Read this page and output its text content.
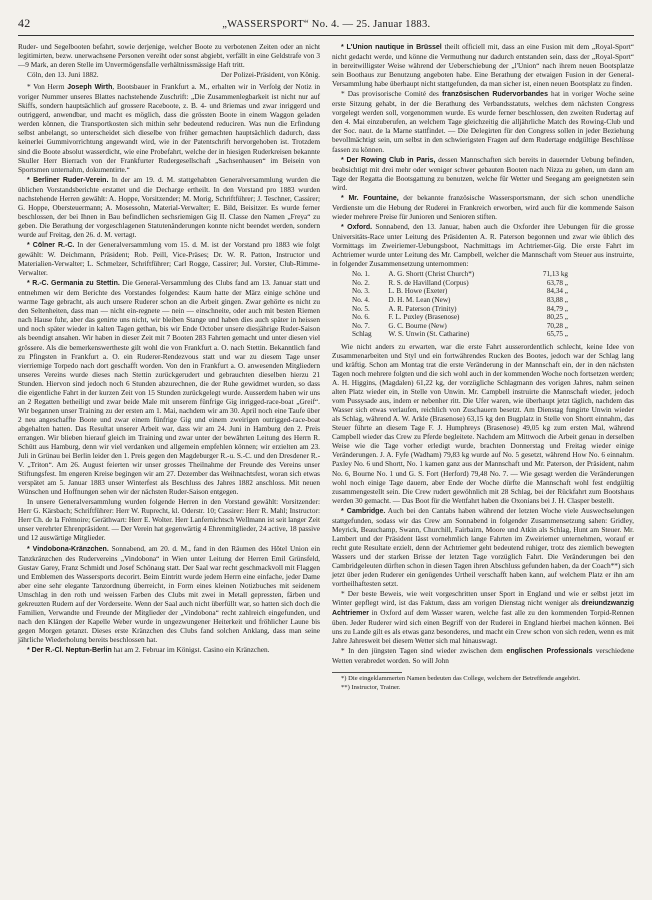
42	„WASSERSPORT“ No. 4. — 25. Januar 1883.

Ruder- und Segelbooten befahrt, sowie derjenige, welcher Boote zu verbotenen Zeiten oder an nicht legitimirten, bezw. unerwachsene Personen vereiht oder sonst abgiebt, verfällt in eine Geldstrafe von 3—9 Mark, an deren Stelle im Unvermögensfalle verhältnissmässige Haft tritt.

Cöln, den 13. Juni 1882.	Der Polizei-Präsident, von König.

* Von Herrn Joseph Wirth, Bootsbauer in Frankfurt a. M., erhalten wir in Verfolg der Notiz in voriger Nummer unseres Blattes nachstehende Zuschrift: „Die Zusammenlegbarkeit ist nicht nur auf Skiffs, sondern hauptsächlich auf grossere Raceboote, z. B. 4- und 8riemas und zwar inriggerd und outriggerd, anwendbar, und macht es möglich, dass die grössten Boote in einem Waggon geladen werden können, die Transportkosten sich mithin sehr bedeutend reduciren. Was nun die Erfindung selbst anbelangt, so unterscheidet sich dieselbe von früher gemachten hauptsächlich dadurch, dass keinerlei Gummivorrichtung angewandt wird, wie in der Patentschrift hervorgehoben ist. Trotzdem sind die Boote absolut wasserdicht, wie eine Probefahrt, welche der in hiesigen Ruderkreisen bekannte Skuller Herr Bierrach von der Frankfurter Rudergesellschaft „Sachsenhausen“ im Beisein von Sportsmen unternahm, dokumentirte.“

* Berliner Ruder-Verein. In der am 19. d. M. stattgehabten Generalversammlung wurden die üblichen Vorstandsberichte erstattet und die Decharge ertheilt. In den Vorstand pro 1883 wurden nachstehende Herren gewählt: A. Hoppe, Vorsitzender; M. Morig, Schriftführer; J. Teschner, Cassirer; G. Hoppe, Obersteuermann; A. Mosessohn, Material-Verwalter; E. Bild, Beisitzer. Es wurde ferner beschlossen, der bei Ihnen in Bau befindlichen sechsriemigen Gig II. Classe den Namen „Freya“ zu geben. Die Berathung der vorgeschlagenen Statutenänderungen konnte nicht beendet werden, sondern wurde auf Freitag, den 26. d. M. vertagt.

* Cölner R.-C. In der Generalversammlung vom 15. d. M. ist der Vorstand pro 1883 wie folgt gewählt: W. Deichmann, Präsident; Rob. Peill, Vice-Präses; Dr. W. R. Patton, Instructor und Materialien-Verwalter; L. Schmelzer, Schriftführer; Carl Rogge, Cassirer; Jul. Vorster, Club-Rimme-Verwalter.

* R.-C. Germania zu Stettin. Die General-Versammlung des Clubs fand am 13. Januar statt und entnehmen wir dem Berichte des Vorstandes folgendes: Kaum hatte der März einige schöne und warme Tage gebracht, als auch unsere Ruderer schon an die Arbeit gingen. Zwar gehörte es nicht zu den Seltenheiten, dass man — nicht ein-regnete — nein — einschneite, oder auch mit besten Riemen nach Hause fuhr, aber das genirte uns nicht, wir bleiben Stange und haben dies auch später in heissen und noch später wieder in kalten Tagen gethan, bis wir Ende October unsere diesjährige Ruder-Saison als beendigt ansahen. Wir haben in dieser Zeit mit 7 Booten 283 Fahrten gemacht und unter diesen viel grössere. Als die bemerkenswertheste gilt wohl die von Frankfurt a. O. nach Stettin. Bekanntlich fand zu Pfingsten in Frankfurt a. O. ein Ruderer-Rendezvous statt und war zu diesem Tage unser vierriemige Torpedo nach dort geschafft worden. Von den in Frankfurt a. O. anwesenden Mitgliedern unseres Vereins wurde dieses nach Stettin zurückgerudert und gebrauchten dieselben hierzu 21 Stunden. Hiervon sind jedoch noch 6 Stunden abzurechnen, die der Ruhe gewidmet wurden, so dass die eigentliche Fahrt in der kurzen Zeit von 15 Stunden zurückgelegt wurde. Ausserdem haben wir uns an 2 Regatten betheiligt und zwar beide Male mit unserem fünfrige Gig inrigged-race-boat „Greif“. Wir begannen unser Training zu der ersten am 1. Mai, nachdem wir am 30. April noch eine Taufe über 2 neu angeschaffte Boote und zwar einem fünfrige Gig und einem zweirigen outrigged-race-boat abgehalten hatten. Das Resultat unserer Arbeit war, dass wir am 24. Juni in Hamburg den 2. Preis errangen. Wir blieben hierauf gleich im Training und zwar unter der bewährten Leitung des Herrn R. Schütt aus Hamburg, denn wir viel verdanken und allgemein empfehlen können; wir erzielten am 23. Juli in Grünau bei Berlin leider den 1. Preis gegen den Magdeburger R.-u. S.-C. und den Dresdener R.-V. „Triton“. Am 26. August feierten wir unser grosses Theilnahme der Freunde des Vereins unser Stiftungsfest. Im engeren Kreise begingen wir am 27. Dezember das Weihnachtsfest, woran sich etwas verspätet am 5. Januar 1883 unser Winterfest als Beschluss des Jahres 1882 anschloss. Mit neuen Wünschen und Hoffnungen sehen wir der nächsten Ruder-Saison entgegen.

In unsere Generalversammlung wurden folgende Herren in den Vorstand gewählt: Vorsitzender: Herr G. Kärsbach; Schriftführer: Herr W. Ruprecht, kl. Oderstr. 10; Cassirer: Herr R. Mahl; Instructor: Herr Ch. de la Frémoire; Geräthwart: Herr E. Wolter. Herr Lanfernichtsch Wellmann ist seit langer Zeit unser verehrter Ehrenpräsident. — Der Verein hat gegenwärtig 4 Ehrenmitglieder, 24 active, 18 passive und 12 auswärtige Mitglieder.

* Vindobona-Kränzchen. Sonnabend, am 20. d. M., fand in den Räumen des Hôtel Union ein Tanzkränzchen des Rudervereins „Vindobona“ in Wien unter Leitung der Herren Emil Grünsfeld, Gustav Garey, Franz Schmidt und Josef Schönaug statt. Der Saal war recht geschmackvoll mit Flaggen und Emblemen des Wassersports decorirt. Beim Eintritt wurde jedem Herrn eine einfache, jeder Dame aber eine sehr elegante Tanzordnung überreicht, in Form eines kleinen Notizbuches mit seidenem Umschlag in den roth und weissen Farben des Clubs mit zwei in Metall gepressten, färben und gekreuzten Rudern auf der Vorderseite. Wenn der Saal auch nicht überfüllt war, so hatten sich doch die Familien, Verwandte und Freunde der Mitglieder der „Vindobona“ recht zahlreich eingefunden, und nach den Klängen der Kapelle Weber wurde in ungezwungener Heiterkeit und fröhlicher Laune bis gegen Morgen getanzt. Dieses erste Kränzchen des Clubs fand solchen Anklang, dass man seine jährliche Wiederholung bereits beschlossen hat.

* Der R.-Cl. Neptun-Berlin hat am 2. Februar im Königst. Casino ein Kränzchen.

* L'Union nautique in Brüssel theilt officiell mit, dass an eine Fusion mit dem „Royal-Sport“ nicht gedacht werde, und könne die Vermuthung nur dadurch entstanden sein, dass der „Royal-Sport“ in bereitwilligster Weise während der Ueberschiebung der „l'Union“ nach ihrem neuen Bootsplatze sein Boothaus zur Benutzung angeboten habe. Eine Berathung der etwaigen Fusion in der General-Versammlung habe überhaupt nicht stattgefunden, da man sicher ist, einen neuen Bootsplatz zu finden.

* Das provisorische Comité des französischen Rudervorbandes hat in voriger Woche seine erste Sitzung gehabt, in der die Berathung des Verbandsstatuts, welches dem nächsten Congress vorgelegt werden soll, vorgenommen wurde. Es wurde ferner beschlossen, den zweiten Rudertag auf den 4. Mai einzuberufen, an welchem Tage gleichzeitig die alljährliche Match des Rowing-Club und der Soc. naut. de la Marne stattfindet. — Die Delegirten für den Congress sollen in jeder Beziehung bevollmächtigt sein, um selbst in den schwierigsten Fragen auf dem Rudertage endgültige Beschlüsse fassen zu können.

* Der Rowing Club in Paris, dessen Mannschaften sich bereits in dauernder Uebung befinden, beabsichtigt mit drei mehr oder weniger schwer gebauten Booten nach Nizza zu gehen, um dann am Tage der Regatta die Bootsgattung zu benutzen, welche für Wetter und Seegang am geeignetsten sein wird.

* Mr. Fountaine, der bekannte französische Wassersportsmann, der sich schon unendliche Verdienste um die Hebung der Ruderei in Frankreich erworben, wird auch für die kommende Saison wieder mehrere Preise für Junioren und Senioren stiften.

* Oxford. Sonnabend, den 13. Januar, haben auch die Oxforder ihre Uebungen für die grosse Universitäts-Race unter Leitung des Präsidenten A. R. Paterson begonnen und zwar wie üblich des Vormittags im Zweiriemer-Uebungsboot, Nachmittags im Achtriemer-Gig. Die erste Fahrt im Achtriemer wurde unter Leitung des Mr. Campbell, welcher die Mannschaft vom Steuer aus instruirte, in folgender Zusammensetzung unternommen:

No. 1.	A. G. Shortt (Christ Church*)	71,13 kg
No. 2.	R. S. de Havilland (Corpus)	63,78 „
No. 3.	L. B. Howe (Exeter)	84,34 „
No. 4.	D. H. M. Lean (New)	83,88 „
No. 5.	A. R. Paterson (Trinity)	84,79 „
No. 6.	F. L. Puxley (Brasenose)	80,25 „
No. 7.	G. C. Bourne (New)	70,28 „
Schlag	W. S. Unwin (St. Catharine)	65,75 „

Wie nicht anders zu erwarten, war die erste Fahrt ausserordentlich schlecht, keine Idee von Zusammenarbeiten und Styl und ein fortwährendes Rucken des Bootes, jedoch war der Schlag lang und kräftig. Schon am Montag trat die erste Veränderung in der Mannschaft ein, der in den nächsten Tagen noch mehrere folgten und die sich wohl auch in der kommenden Woche noch fortsetzen werden; A. H. Higgins, (Magdalen) 61,22 kg, der vorzügliche Schlagmann des vorigen Jahres, nahm seinen alten Platz wieder ein, in Stelle von Unwin. Mr. Campbell instruirte die Mannschaft wieder, jedoch vom Pussysade aus, indem er nebenher ritt. Die Ufer waren, wie überhaupt jetzt täglich, nachdem das Wasser sich etwas verlaufen, reichlich von Zuschauern besetzt. Am Dienstag fungirte Unwin wieder als Schlag, während A. W. Arkle (Brasenose) 63,15 kg den Bugplatz in Stelle von Shortt einnahm, das Steuer führte an diesem Tage F. J. Humphreys (Brasenose) 49,05 kg zum ersten Mal, während Campbell wieder das Crew zu Pferde begleitete. Nachdem am Mittwoch die Arbeit genau in derselben Weise wie die Tage vorher erledigt wurde, brachten Donnerstag und Freitag wieder einige Veränderungen. J. A. Fyfe (Wadham) 79,83 kg wurde auf No. 5 gesetzt, während How No. 6 einnahm. Paxley No. 6 und Shortt, No. 1 kamen ganz aus der Mannschaft und Mr. Paterson, der Präsident, nahm No. 6, Bourne No. 1 und G. S. Fort (Herford) 79,48 No. 7. — Wie gesagt werden die Veränderungen wohl noch einige Tage dauern, aber Ende der Woche dürfte die Mannschaft wohl fest endgültig zusammengestellt sein. Die Crew rudert gewöhnlich mit 28 Schlag, bei der Rückfahrt zum Bootshaus werden 30 gemacht. — Das Boot für die Wettfahrt haben die Oxonians bei J. H. Clasper bestellt.

* Cambridge. Auch bei den Cantabs haben während der letzten Woche viele Auswechselungen stattgefunden, sodass wir das Crew am Sonnabend in folgender Zusammensetzung sahen: Gridley, Meyrick, Beauchamp, Swann, Churchill, Fairbairn, Moore und Atkin als Schlag, Hunt am Steuer. Mr. Lambert und der Präsident lässt vornehmlich lange Fahrten im Zweiriemer unternehmen, worauf er recht gute Resultate erzielt, denn der Achtriemer geht bedeutend ruhiger, trotz des ziemlich bewegten Wassers und der starken Brisse der letzten Tage vorzüglich Fahrt. Die Veränderungen bei den Cambridgeleuten dürften schon in diesen Tagen ihren Abschluss gefunden haben, da der Coach**) sich jetzt über jeden Ruderer ein genügendes Urtheil verschafft haben kann, auf welchem Platz er ihn am vortheilhaftesten setzt.

* Der beste Beweis, wie weit vorgeschritten unser Sport in England und wie er selbst jetzt im Winter gepflegt wird, ist das Faktum, dass am vorigen Dienstag nicht weniger als dreiundzwanzig Achtriemer in Oxford auf dem Wasser waren, welche fast alle zu den kommenden Torpid-Rennen üben. Jeder Ruderer wird sich einen Begriff von der Ruderei in England hierbei machen können. Bei uns zu Lande gilt es als etwas ganz besonderes, und macht ein Crew schon von sich reden, wenn es mit Jahre Jahresweit bei diesem Wetter sich mal hinauswagt.

* In den jüngsten Tagen sind wieder zwischen dem englischen Professionals verschiedene Wetten verabredet worden. So will John

*) Die eingeklammerten Namen bedeuten das College, welchem der Betreffende angehört.

**) Instructor, Trainer.
